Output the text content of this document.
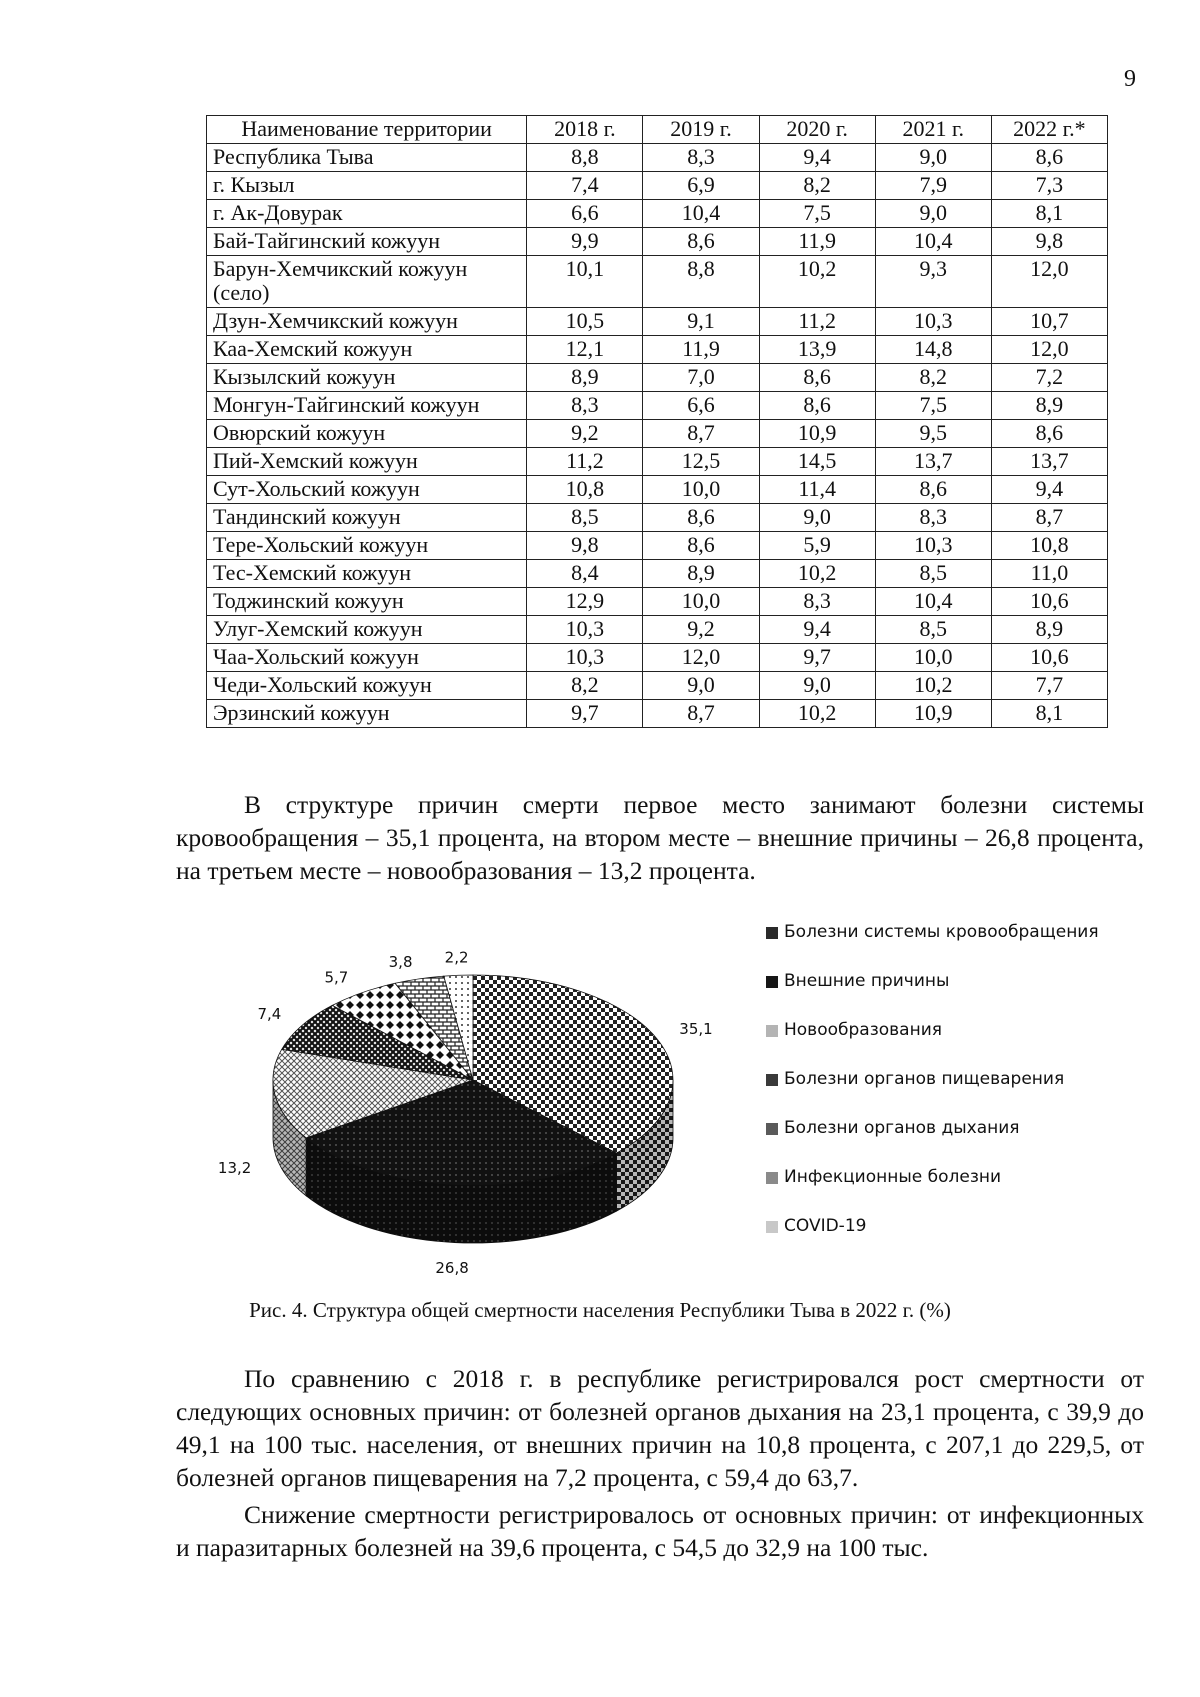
9
Наименование территории	2018 г.	2019 г.	2020 г.	2021 г.	2022 г.*
Республика Тыва	8,8	8,3	9,4	9,0	8,6
г. Кызыл	7,4	6,9	8,2	7,9	7,3
г. Ак-Довурак	6,6	10,4	7,5	9,0	8,1
Бай-Тайгинский кожуун	9,9	8,6	11,9	10,4	9,8
Барун-Хемчикский кожуун (село)	10,1	8,8	10,2	9,3	12,0
Дзун-Хемчикский кожуун	10,5	9,1	11,2	10,3	10,7
Каа-Хемский кожуун	12,1	11,9	13,9	14,8	12,0
Кызылский кожуун	8,9	7,0	8,6	8,2	7,2
Монгун-Тайгинский кожуун	8,3	6,6	8,6	7,5	8,9
Овюрский кожуун	9,2	8,7	10,9	9,5	8,6
Пий-Хемский кожуун	11,2	12,5	14,5	13,7	13,7
Сут-Хольский кожуун	10,8	10,0	11,4	8,6	9,4
Тандинский кожуун	8,5	8,6	9,0	8,3	8,7
Тере-Хольский кожуун	9,8	8,6	5,9	10,3	10,8
Тес-Хемский кожуун	8,4	8,9	10,2	8,5	11,0
Тоджинский кожуун	12,9	10,0	8,3	10,4	10,6
Улуг-Хемский кожуун	10,3	9,2	9,4	8,5	8,9
Чаа-Хольский кожуун	10,3	12,0	9,7	10,0	10,6
Чеди-Хольский кожуун	8,2	9,0	9,0	10,2	7,7
Эрзинский кожуун	9,7	8,7	10,2	10,9	8,1

В структуре причин смерти первое место занимают болезни системы кровообращения – 35,1 процента, на втором месте – внешние причины – 26,8 процента, на третьем месте – новообразования – 13,2 процента.

35,1
26,8
13,2
7,4
5,7
3,8 2,2
Болезни системы кровообращения
Внешние причины
Новообразования
Болезни органов пищеварения
Болезни органов дыхания
Инфекционные болезни
COVID-19
Рис. 4. Структура общей смертности населения Республики Тыва в 2022 г. (%)

По сравнению с 2018 г. в республике регистрировался рост смертности от следующих основных причин: от болезней органов дыхания на 23,1 процента, с 39,9 до 49,1 на 100 тыс. населения, от внешних причин на 10,8 процента, с 207,1 до 229,5, от болезней органов пищеварения на 7,2 процента, с 59,4 до 63,7.

Снижение смертности регистрировалось от основных причин: от инфекционных и паразитарных болезней на 39,6 процента, с 54,5 до 32,9 на 100 тыс.
